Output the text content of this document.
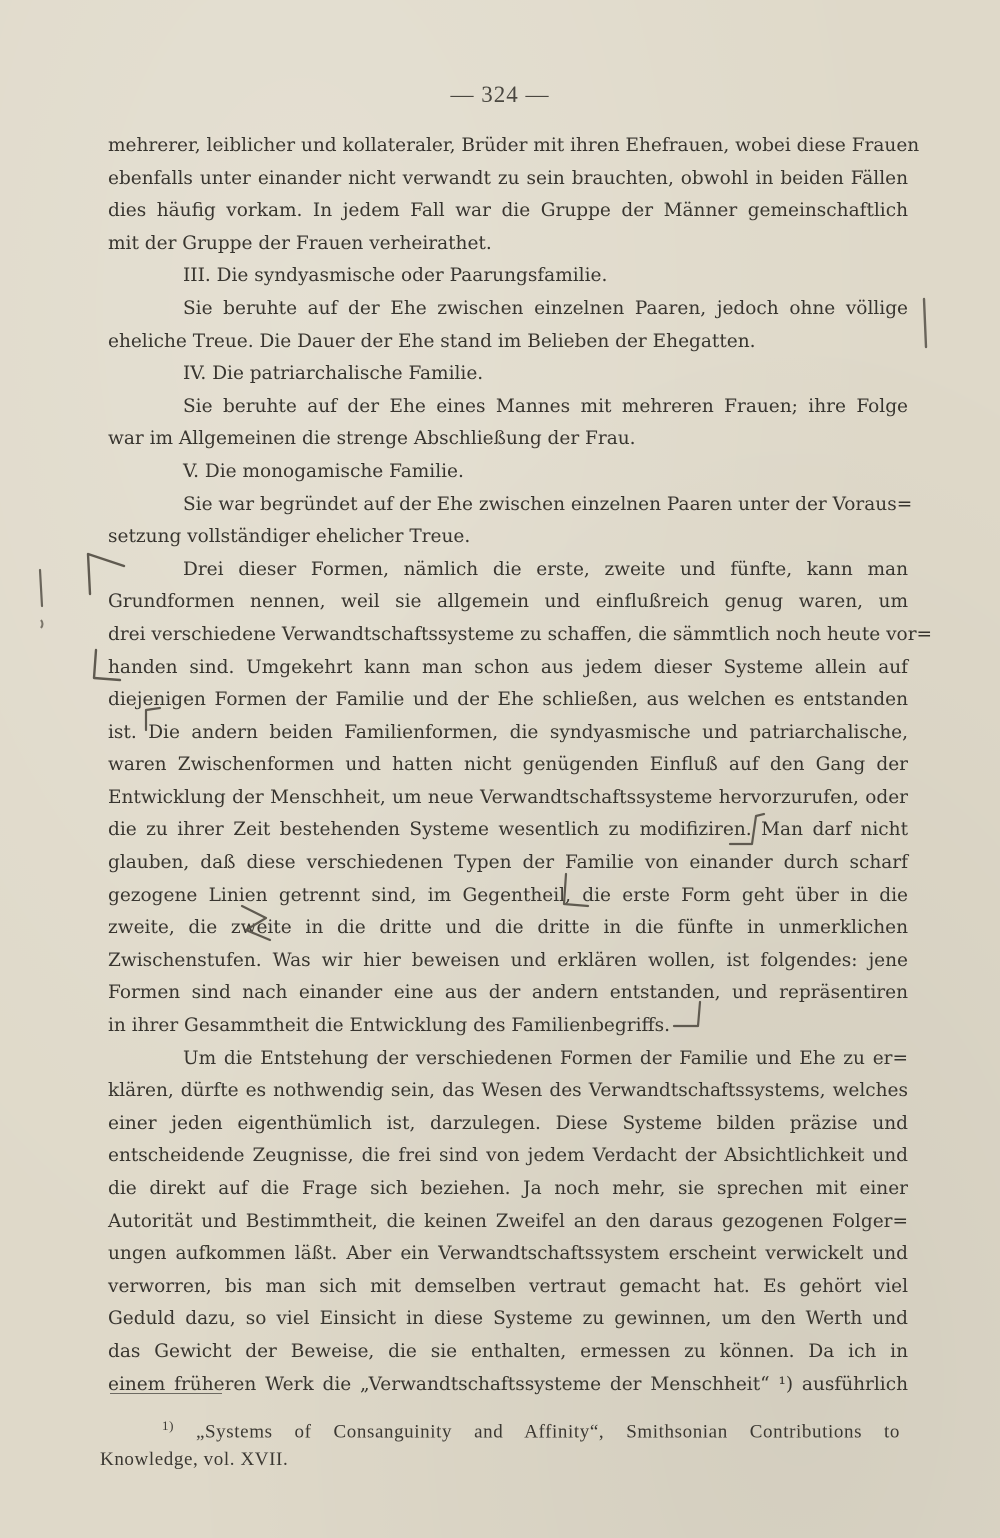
— 324 —
mehrerer, leiblicher und kollateraler, Brüder mit ihren Ehefrauen, wobei diese Frauen
ebenfalls unter einander nicht verwandt zu sein brauchten, obwohl in beiden Fällen
dies häufig vorkam. In jedem Fall war die Gruppe der Männer gemeinschaftlich
mit der Gruppe der Frauen verheirathet.
III. Die syndyasmische oder Paarungsfamilie.
Sie beruhte auf der Ehe zwischen einzelnen Paaren, jedoch ohne völlige
eheliche Treue. Die Dauer der Ehe stand im Belieben der Ehegatten.
IV. Die patriarchalische Familie.
Sie beruhte auf der Ehe eines Mannes mit mehreren Frauen; ihre Folge
war im Allgemeinen die strenge Abschließung der Frau.
V. Die monogamische Familie.
Sie war begründet auf der Ehe zwischen einzelnen Paaren unter der Voraus=
setzung vollständiger ehelicher Treue.
Drei dieser Formen, nämlich die erste, zweite und fünfte, kann man
Grundformen nennen, weil sie allgemein und einflußreich genug waren, um
drei verschiedene Verwandtschaftssysteme zu schaffen, die sämmtlich noch heute vor=
handen sind. Umgekehrt kann man schon aus jedem dieser Systeme allein auf
diejenigen Formen der Familie und der Ehe schließen, aus welchen es entstanden
ist. Die andern beiden Familienformen, die syndyasmische und patriarchalische,
waren Zwischenformen und hatten nicht genügenden Einfluß auf den Gang der
Entwicklung der Menschheit, um neue Verwandtschaftssysteme hervorzurufen, oder
die zu ihrer Zeit bestehenden Systeme wesentlich zu modifiziren. Man darf nicht
glauben, daß diese verschiedenen Typen der Familie von einander durch scharf
gezogene Linien getrennt sind, im Gegentheil, die erste Form geht über in die
zweite, die zweite in die dritte und die dritte in die fünfte in unmerklichen
Zwischenstufen. Was wir hier beweisen und erklären wollen, ist folgendes: jene
Formen sind nach einander eine aus der andern entstanden, und repräsentiren
in ihrer Gesammtheit die Entwicklung des Familienbegriffs.
Um die Entstehung der verschiedenen Formen der Familie und Ehe zu er=
klären, dürfte es nothwendig sein, das Wesen des Verwandtschaftssystems, welches
einer jeden eigenthümlich ist, darzulegen. Diese Systeme bilden präzise und
entscheidende Zeugnisse, die frei sind von jedem Verdacht der Absichtlichkeit und
die direkt auf die Frage sich beziehen. Ja noch mehr, sie sprechen mit einer
Autorität und Bestimmtheit, die keinen Zweifel an den daraus gezogenen Folger=
ungen aufkommen läßt. Aber ein Verwandtschaftssystem erscheint verwickelt und
verworren, bis man sich mit demselben vertraut gemacht hat. Es gehört viel
Geduld dazu, so viel Einsicht in diese Systeme zu gewinnen, um den Werth und
das Gewicht der Beweise, die sie enthalten, ermessen zu können. Da ich in
einem früheren Werk die „Verwandtschaftssysteme der Menschheit“ ¹) ausführlich
$^{1)}$ „Systems of Consanguinity and Affinity“, Smithsonian Contributions to
Knowledge, vol. XVII.
